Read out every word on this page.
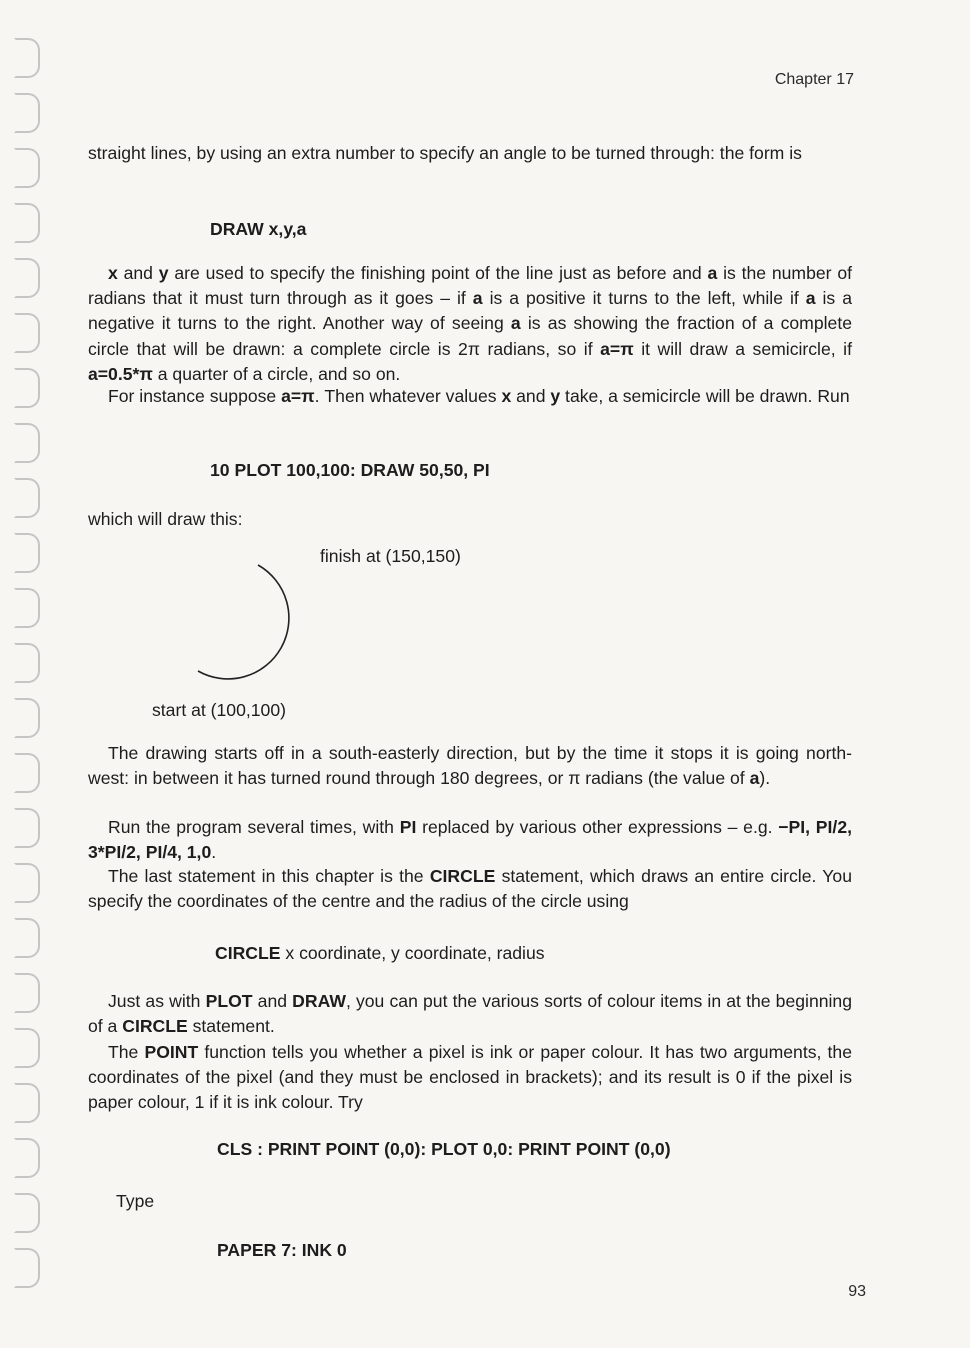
Chapter 17
straight lines, by using an extra number to specify an angle to be turned through: the form is
DRAW x,y,a
x and y are used to specify the finishing point of the line just as before and a is the number of radians that it must turn through as it goes – if a is a positive it turns to the left, while if a is a negative it turns to the right. Another way of seeing a is as showing the fraction of a complete circle that will be drawn: a complete circle is 2π radians, so if a=π it will draw a semicircle, if a=0.5*π a quarter of a circle, and so on.
For instance suppose a=π. Then whatever values x and y take, a semicircle will be drawn. Run
10 PLOT 100,100: DRAW 50,50, PI
which will draw this:
finish at (150,150)
start at (100,100)
The drawing starts off in a south-easterly direction, but by the time it stops it is going north-west: in between it has turned round through 180 degrees, or π radians (the value of a).
Run the program several times, with PI replaced by various other expressions – e.g. −PI, PI/2, 3*PI/2, PI/4, 1,0.
The last statement in this chapter is the CIRCLE statement, which draws an entire circle. You specify the coordinates of the centre and the radius of the circle using
CIRCLE x coordinate, y coordinate, radius
Just as with PLOT and DRAW, you can put the various sorts of colour items in at the beginning of a CIRCLE statement.
The POINT function tells you whether a pixel is ink or paper colour. It has two arguments, the coordinates of the pixel (and they must be enclosed in brackets); and its result is 0 if the pixel is paper colour, 1 if it is ink colour. Try
CLS : PRINT POINT (0,0): PLOT 0,0: PRINT POINT (0,0)
Type
PAPER 7: INK 0
93
